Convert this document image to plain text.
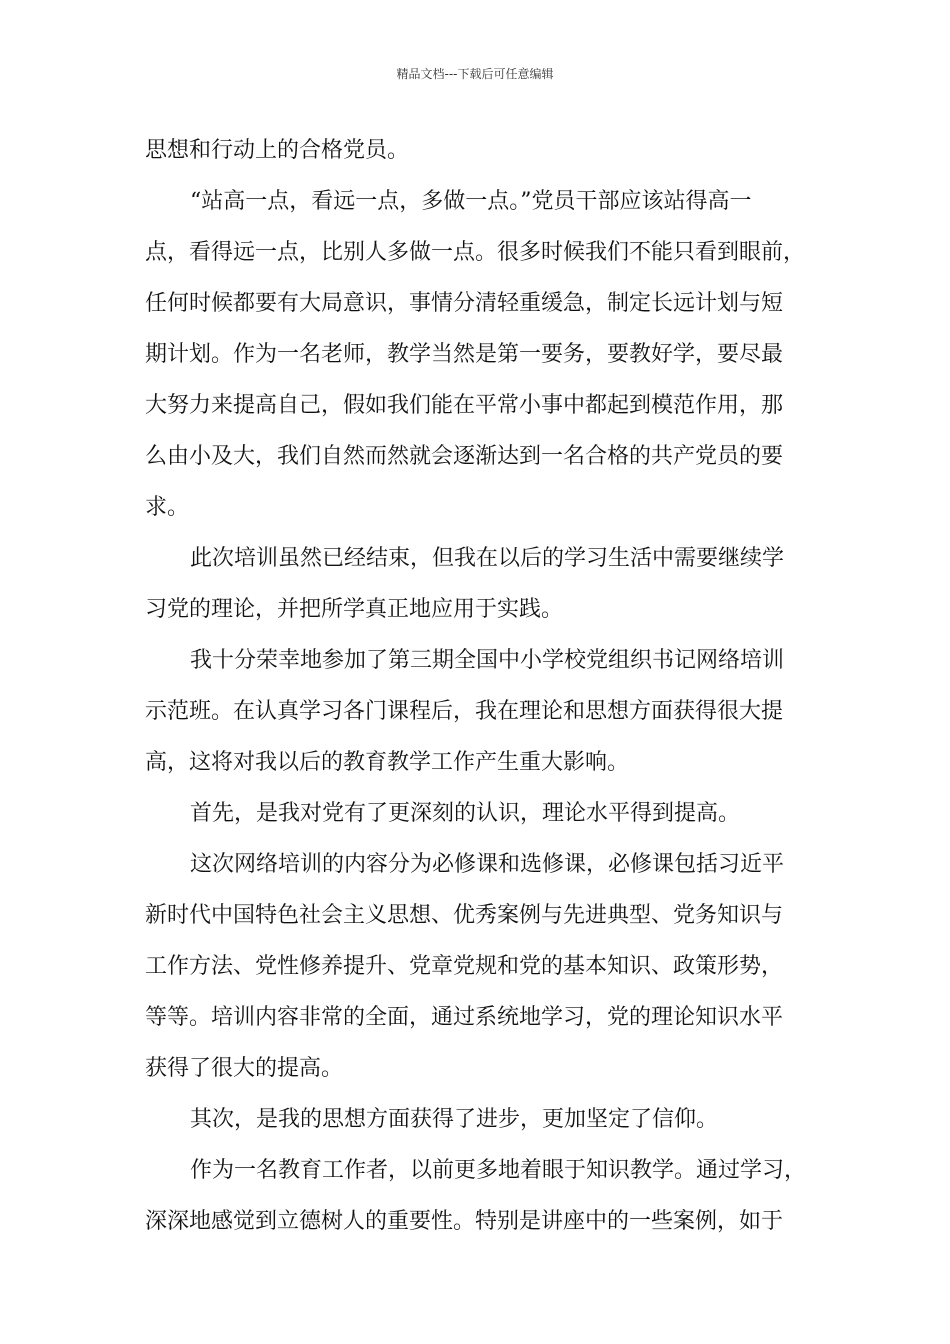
精品文档---下载后可任意编辑
思想和行动上的合格党员。
“站高一点，看远一点，多做一点。”党员干部应该站得高一
点，看得远一点，比别人多做一点。很多时候我们不能只看到眼前，
任何时候都要有大局意识，事情分清轻重缓急，制定长远计划与短
期计划。作为一名老师，教学当然是第一要务，要教好学，要尽最
大努力来提高自己，假如我们能在平常小事中都起到模范作用，那
么由小及大，我们自然而然就会逐渐达到一名合格的共产党员的要
求。
此次培训虽然已经结束，但我在以后的学习生活中需要继续学
习党的理论，并把所学真正地应用于实践。
我十分荣幸地参加了第三期全国中小学校党组织书记网络培训
示范班。在认真学习各门课程后，我在理论和思想方面获得很大提
高，这将对我以后的教育教学工作产生重大影响。
首先，是我对党有了更深刻的认识，理论水平得到提高。
这次网络培训的内容分为必修课和选修课，必修课包括习近平
新时代中国特色社会主义思想、优秀案例与先进典型、党务知识与
工作方法、党性修养提升、党章党规和党的基本知识、政策形势，
等等。培训内容非常的全面，通过系统地学习，党的理论知识水平
获得了很大的提高。
其次，是我的思想方面获得了进步，更加坚定了信仰。
作为一名教育工作者，以前更多地着眼于知识教学。通过学习，
深深地感觉到立德树人的重要性。特别是讲座中的一些案例，如于
